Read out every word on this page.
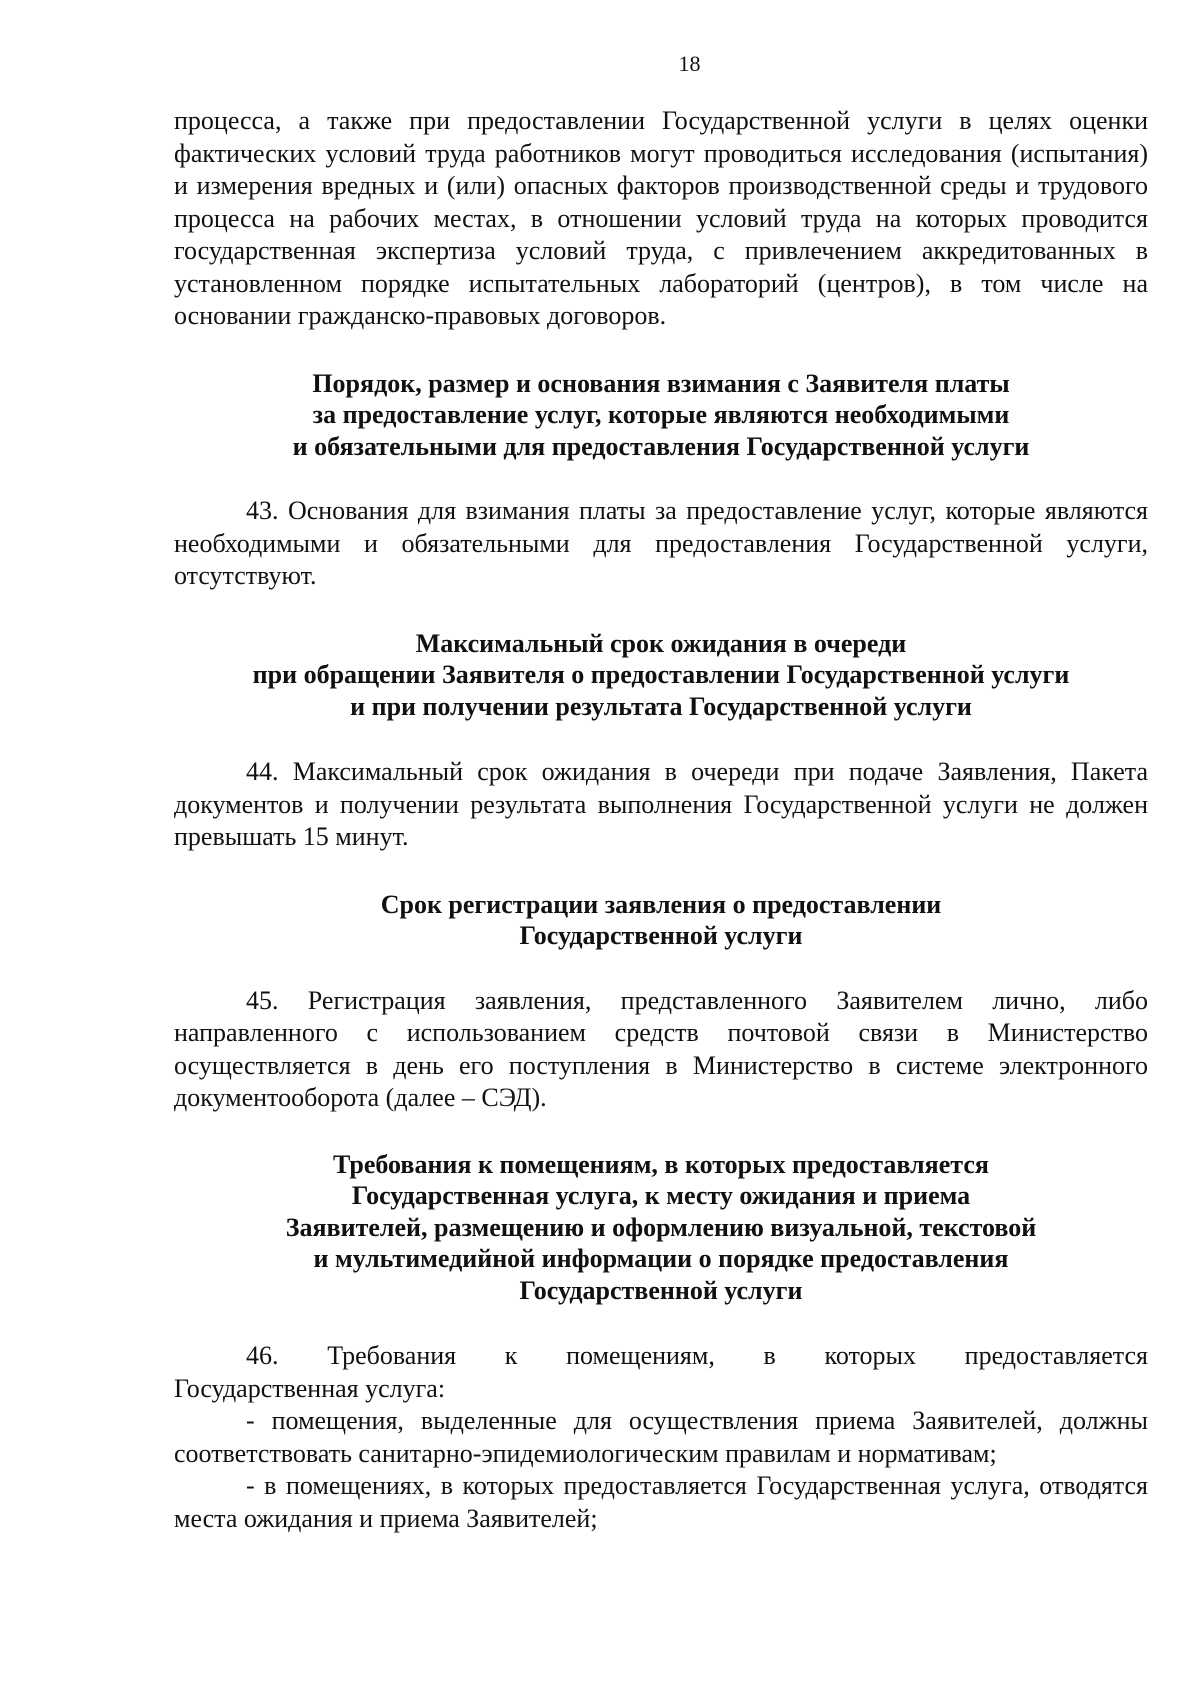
18

процесса, а также при предоставлении Государственной услуги в целях оценки фактических условий труда работников могут проводиться исследования (испытания) и измерения вредных и (или) опасных факторов производственной среды и трудового процесса на рабочих местах, в отношении условий труда на которых проводится государственная экспертиза условий труда, с привлечением аккредитованных в установленном порядке испытательных лабораторий (центров), в том числе на основании гражданско-правовых договоров.

Порядок, размер и основания взимания с Заявителя платы
за предоставление услуг, которые являются необходимыми
и обязательными для предоставления Государственной услуги

43. Основания для взимания платы за предоставление услуг, которые являются необходимыми и обязательными для предоставления Государственной услуги, отсутствуют.

Максимальный срок ожидания в очереди
при обращении Заявителя о предоставлении Государственной услуги
и при получении результата Государственной услуги

44. Максимальный срок ожидания в очереди при подаче Заявления, Пакета документов и получении результата выполнения Государственной услуги не должен превышать 15 минут.

Срок регистрации заявления о предоставлении
Государственной услуги

45. Регистрация заявления, представленного Заявителем лично, либо направленного с использованием средств почтовой связи в Министерство осуществляется в день его поступления в Министерство в системе электронного документооборота (далее – СЭД).

Требования к помещениям, в которых предоставляется
Государственная услуга, к месту ожидания и приема
Заявителей, размещению и оформлению визуальной, текстовой
и мультимедийной информации о порядке предоставления
Государственной услуги

46. Требования к помещениям, в которых предоставляется

Государственная услуга:

- помещения, выделенные для осуществления приема Заявителей, должны соответствовать санитарно-эпидемиологическим правилам и нормативам;

- в помещениях, в которых предоставляется Государственная услуга, отводятся места ожидания и приема Заявителей;
